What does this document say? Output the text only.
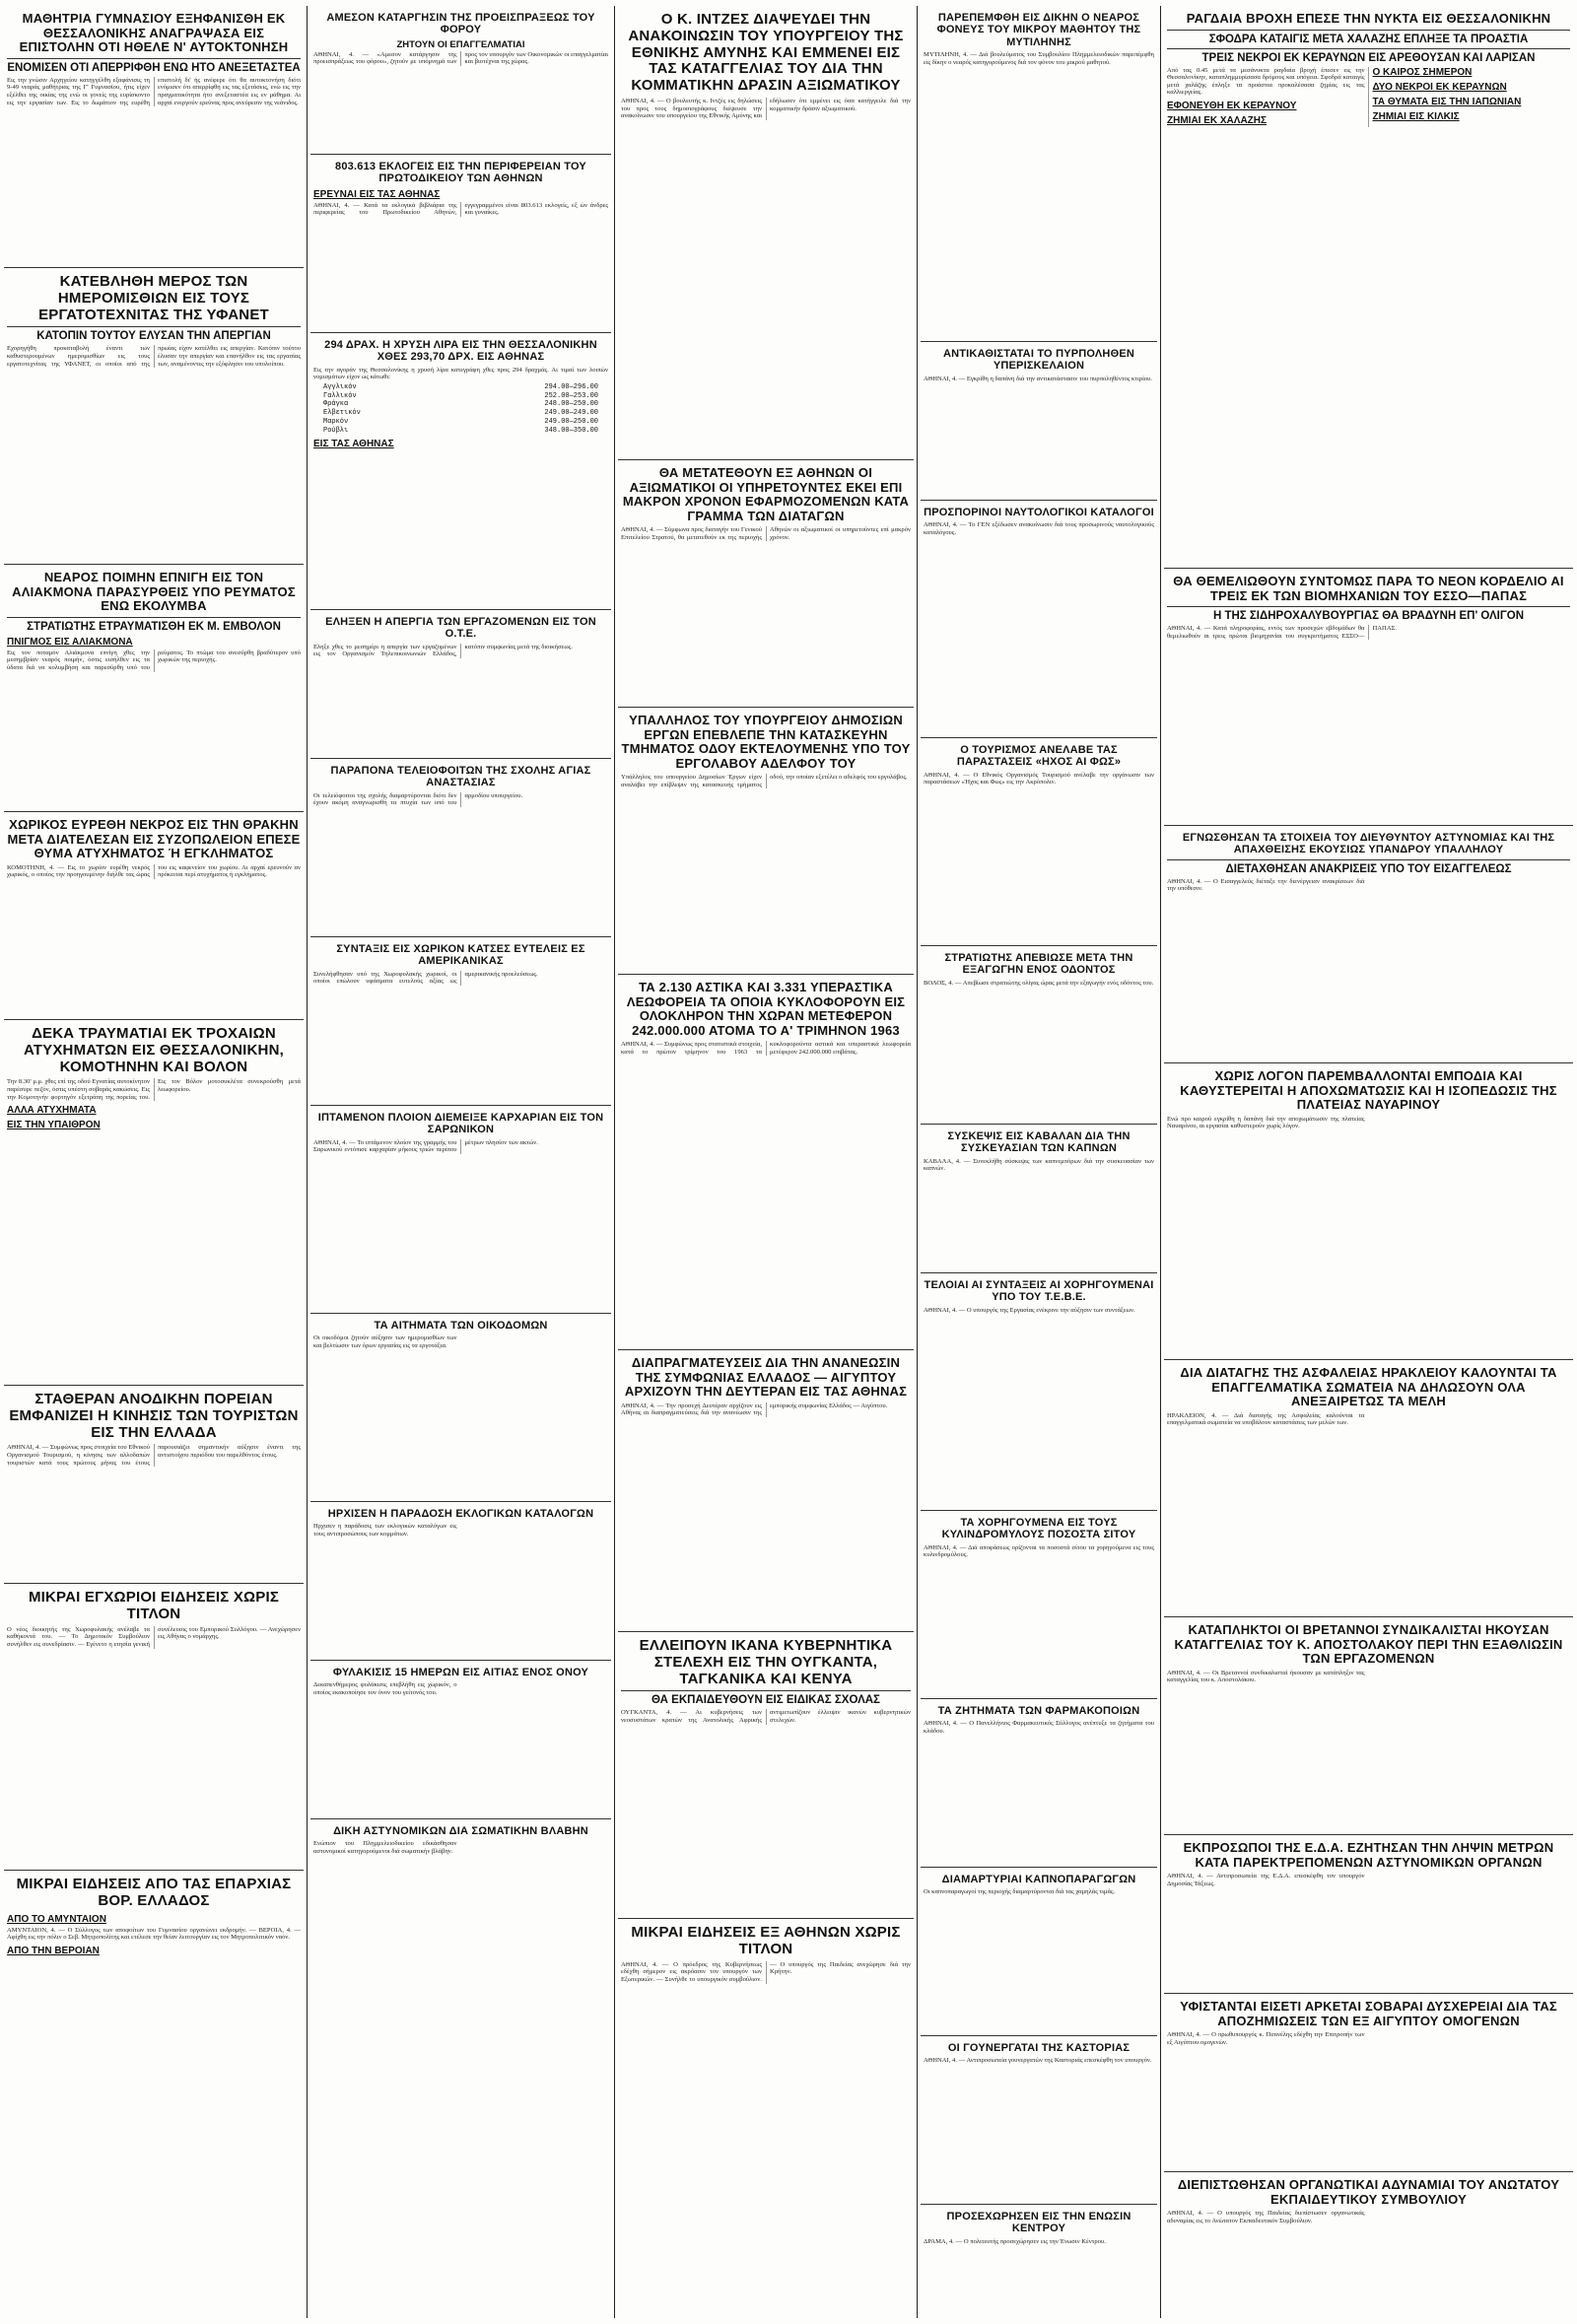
ΜΑΘΗΤΡΙΑ ΓΥΜΝΑΣΙΟΥ ΕΞΗΦΑΝΙΣΘΗ ΕΚ ΘΕΣΣΑΛΟΝΙΚΗΣ ΑΝΑΓΡΑΨΑΣΑ ΕΙΣ ΕΠΙΣΤΟΛΗΝ ΟΤΙ ΗΘΕΛΕ Ν' ΑΥΤΟΚΤΟΝΗΣΗ
ΕΝΟΜΙΣΕΝ ΟΤΙ ΑΠΕΡΡΙΦΘΗ ΕΝΩ ΗΤΟ ΑΝΕΞΕΤΑΣΤΕΑ
Εις την γνώσιν Αρχηγείου κατηγγέλθη εξαφάνισις τη 9-49 νεαράς μαθήτριας της Γ' Γυμνασίου, ήτις είχεν εξέλθει της οικίας της ενώ οι γονείς της ευρίσκοντο εις την εργασίαν των. Εις το δωμάτιον της ευρέθη επιστολή δι' ής ανέφερε ότι θα αυτοκτονήση διότι ενόμισεν ότι απερρίφθη εις τας εξετάσεις, ενώ εις την πραγματικότητα ήτο ανεξεταστέα εις εν μάθημα. Αι αρχαί ενεργούν ερεύνας προς ανεύρεσιν της νεάνιδος.
ΚΑΤΕΒΛΗΘΗ ΜΕΡΟΣ ΤΩΝ ΗΜΕΡΟΜΙΣΘΙΩΝ ΕΙΣ ΤΟΥΣ ΕΡΓΑΤΟΤΕΧΝΙΤΑΣ ΤΗΣ ΥΦΑΝΕΤ
ΚΑΤΟΠΙΝ ΤΟΥΤΟΥ ΕΛΥΣΑΝ ΤΗΝ ΑΠΕΡΓΙΑΝ
Εχορηγήθη προκαταβολή έναντι των καθυστερουμένων ημερομισθίων εις τους εργατοτεχνίτας της ΥΦΑΝΕΤ, οι οποίοι από της πρωίας είχον κατέλθει εις απεργίαν. Κατόπιν τούτου έλυσαν την απεργίαν και επανήλθον εις τας εργασίας των, αναμένοντες την εξόφλησιν του υπολοίπου.
ΝΕΑΡΟΣ ΠΟΙΜΗΝ ΕΠΝΙΓΗ ΕΙΣ ΤΟΝ ΑΛΙΑΚΜΟΝΑ ΠΑΡΑΣΥΡΘΕΙΣ ΥΠΟ ΡΕΥΜΑΤΟΣ ΕΝΩ ΕΚΟΛΥΜΒΑ
ΣΤΡΑΤΙΩΤΗΣ ΕΤΡΑΥΜΑΤΙΣΘΗ ΕΚ Μ. ΕΜΒΟΛΟΝ
ΠΝΙΓΜΟΣ ΕΙΣ ΑΛΙΑΚΜΟΝΑ
Εις τον ποταμόν Αλιάκμονα επνίγη χθες την μεσημβρίαν νεαρός ποιμήν, όστις εισήλθεν εις τα ύδατα διά να κολυμβήση και παρεσύρθη υπό του ρεύματος. Το πτώμα του ανεσύρθη βραδύτερον υπό χωρικών της περιοχής.
ΧΩΡΙΚΟΣ ΕΥΡΕΘΗ ΝΕΚΡΟΣ ΕΙΣ ΤΗΝ ΘΡΑΚΗΝ ΜΕΤΑ ΔΙΑΤΕΛΕΣΑΝ ΕΙΣ ΣΥΖΟΠΩΛΕΙΟΝ ΕΠΕΣΕ ΘΥΜΑ ΑΤΥΧΗΜΑΤΟΣ Ή ΕΓΚΛΗΜΑΤΟΣ
ΚΟΜΟΤΗΝΗ, 4. — Εις το χωρίον ευρέθη νεκρός χωρικός, ο οποίος την προηγουμένην διήλθε τας ώρας του εις καφενείον του χωρίου. Αι αρχαί ερευνούν αν πρόκειται περί ατυχήματος ή εγκλήματος.
ΔΕΚΑ ΤΡΑΥΜΑΤΙΑΙ ΕΚ ΤΡΟΧΑΙΩΝ ΑΤΥΧΗΜΑΤΩΝ ΕΙΣ ΘΕΣΣΑΛΟΝΙΚΗΝ, ΚΟΜΟΤΗΝΗΝ ΚΑΙ ΒΟΛΟΝ
Την 8.30' μ.μ. χθες επί της οδού Εγνατίας αυτοκίνητον παρέσυρε πεζόν, όστις υπέστη σοβαράς κακώσεις. Εις την Κομοτηνήν φορτηγόν εξετράπη της πορείας του. Εις τον Βόλον μοτοσυκλέτα συνεκρούσθη μετά λεωφορείου.
ΑΛΛΑ ΑΤΥΧΗΜΑΤΑ
ΕΙΣ ΤΗΝ ΥΠΑΙΘΡΟΝ
ΣΤΑΘΕΡΑΝ ΑΝΟΔΙΚΗΝ ΠΟΡΕΙΑΝ ΕΜΦΑΝΙΖΕΙ Η ΚΙΝΗΣΙΣ ΤΩΝ ΤΟΥΡΙΣΤΩΝ ΕΙΣ ΤΗΝ ΕΛΛΑΔΑ
ΑΘΗΝΑΙ, 4. — Συμφώνως προς στοιχεία του Εθνικού Οργανισμού Τουρισμού, η κίνησις των αλλοδαπών τουριστών κατά τους πρώτους μήνας του έτους παρουσιάζει σημαντικήν αύξησιν έναντι της αντιστοίχου περιόδου του παρελθόντος έτους.
ΜΙΚΡΑΙ ΕΓΧΩΡΙΟΙ ΕΙΔΗΣΕΙΣ ΧΩΡΙΣ ΤΙΤΛΟΝ
Ο νέος διοικητής της Χωροφυλακής ανέλαβε τα καθήκοντά του. — Το Δημοτικόν Συμβούλιον συνήλθεν εις συνεδρίασιν. — Εγένετο η ετησία γενική συνέλευσις του Εμπορικού Συλλόγου. — Ανεχώρησεν εις Αθήνας ο νομάρχης.
ΜΙΚΡΑΙ ΕΙΔΗΣΕΙΣ ΑΠΟ ΤΑΣ ΕΠΑΡΧΙΑΣ ΒΟΡ. ΕΛΛΑΔΟΣ
ΑΠΟ ΤΟ ΑΜΥΝΤΑΙΟΝ
ΑΜΥΝΤΑΙΟΝ, 4. — Ο Σύλλογος των αποφοίτων του Γυμνασίου οργανώνει εκδρομήν. — ΒΕΡΟΙΑ, 4. — Αφίχθη εις την πόλιν ο Σεβ. Μητροπολίτης και ετέλεσε την θείαν λειτουργίαν εις τον Μητροπολιτικόν ναόν.
ΑΠΟ ΤΗΝ ΒΕΡΟΙΑΝ
ΑΜΕΣΟΝ ΚΑΤΑΡΓΗΣΙΝ ΤΗΣ ΠΡΟΕΙΣΠΡΑΞΕΩΣ ΤΟΥ ΦΟΡΟΥ
ΖΗΤΟΥΝ ΟΙ ΕΠΑΓΓΕΛΜΑΤΙΑΙ
ΑΘΗΝΑΙ, 4. — «Αμεσον κατάργησιν της προεισπράξεως του φόρου», ζητούν με υπόμνημά των προς τον υπουργόν των Οικονομικών οι επαγγελματίαι και βιοτέχναι της χώρας.
803.613 ΕΚΛΟΓΕΙΣ ΕΙΣ ΤΗΝ ΠΕΡΙΦΕΡΕΙΑΝ ΤΟΥ ΠΡΩΤΟΔΙΚΕΙΟΥ ΤΩΝ ΑΘΗΝΩΝ
ΕΡΕΥΝΑΙ ΕΙΣ ΤΑΣ ΑΘΗΝΑΣ
ΑΘΗΝΑΙ, 4. — Κατά τα εκλογικά βιβλιάρια της περιφερείας του Πρωτοδικείου Αθηνών, εγγεγραμμένοι είναι 803.613 εκλογείς, εξ ών άνδρες και γυναίκες.
294 ΔΡΑΧ. Η ΧΡΥΣΗ ΛΙΡΑ ΕΙΣ ΤΗΝ ΘΕΣΣΑΛΟΝΙΚΗΝ ΧΘΕΣ 293,70 ΔΡΧ. ΕΙΣ ΑΘΗΝΑΣ
Εις την αγοράν της Θεσσαλονίκης η χρυσή λίρα κατεγράφη χθες προς 294 δραχμάς. Αι τιμαί των λοιπών νομισμάτων είχον ως κάτωθι:
Αγγλικόν	294.00—296.00
Γαλλικόν	252.00—253.00
Φράγκα	248.00—250.00
Ελβετικόν	249.00—249.00
Μαρκόν	249.00—250.00
Ρούβλι	348.00—350.00
ΕΙΣ ΤΑΣ ΑΘΗΝΑΣ
ΕΛΗΞΕΝ Η ΑΠΕΡΓΙΑ ΤΩΝ ΕΡΓΑΖΟΜΕΝΩΝ ΕΙΣ ΤΟΝ Ο.Τ.Ε.
Εληξε χθες το μεσημέρι η απεργία των εργαζομένων εις τον Οργανισμόν Τηλεπικοινωνιών Ελλάδος, κατόπιν συμφωνίας μετά της διοικήσεως.
ΠΑΡΑΠΟΝΑ ΤΕΛΕΙΟΦΟΙΤΩΝ ΤΗΣ ΣΧΟΛΗΣ ΑΓΙΑΣ ΑΝΑΣΤΑΣΙΑΣ
Οι τελειόφοιτοι της σχολής διαμαρτύρονται διότι δεν έχουν ακόμη αναγνωρισθή τα πτυχία των υπό του αρμοδίου υπουργείου.
ΣΥΝΤΑΞΙΣ ΕΙΣ ΧΩΡΙΚΟΝ ΚΑΤΣΕΣ ΕΥΤΕΛΕΙΣ ΕΣ ΑΜΕΡΙΚΑΝΙΚΑΣ
Συνελήφθησαν υπό της Χωροφυλακής χωρικοί, οι οποίοι επώλουν υφάσματα ευτελούς αξίας ως αμερικανικής προελεύσεως.
ΙΠΤΑΜΕΝΟΝ ΠΛΟΙΟΝ ΔΙΕΜΕΙΞΕ ΚΑΡΧΑΡΙΑΝ ΕΙΣ ΤΟΝ ΣΑΡΩΝΙΚΟΝ
ΑΘΗΝΑΙ, 4. — Το ιπτάμενον πλοίον της γραμμής του Σαρωνικού εντόπισε καρχαρίαν μήκους τριών περίπου μέτρων πλησίον των ακτών.
ΤΑ ΑΙΤΗΜΑΤΑ ΤΩΝ ΟΙΚΟΔΟΜΩΝ
Οι οικοδόμοι ζητούν αύξησιν των ημερομισθίων των και βελτίωσιν των όρων εργασίας εις τα εργοτάξια.
ΗΡΧΙΣΕΝ Η ΠΑΡΑΔΟΣΗ ΕΚΛΟΓΙΚΩΝ ΚΑΤΑΛΟΓΩΝ
Ηρχισεν η παράδοσις των εκλογικών καταλόγων εις τους αντιπροσώπους των κομμάτων.
ΦΥΛΑΚΙΣΙΣ 15 ΗΜΕΡΩΝ ΕΙΣ ΑΙΤΙΑΣ ΕΝΟΣ ΟΝΟΥ
Δεκαπενθήμερος φυλάκισις επεβλήθη εις χωρικόν, ο οποίος εκακοποίησε τον όνον του γείτονός του.
ΔΙΚΗ ΑΣΤΥΝΟΜΙΚΩΝ ΔΙΑ ΣΩΜΑΤΙΚΗΝ ΒΛΑΒΗΝ
Ενώπιον του Πλημμελειοδικείου εδικάσθησαν αστυνομικοί κατηγορούμενοι διά σωματικήν βλάβην.
Ο Κ. ΙΝΤΖΕΣ ΔΙΑΨΕΥΔΕΙ ΤΗΝ ΑΝΑΚΟΙΝΩΣΙΝ ΤΟΥ ΥΠΟΥΡΓΕΙΟΥ ΤΗΣ ΕΘΝΙΚΗΣ ΑΜΥΝΗΣ ΚΑΙ ΕΜΜΕΝΕΙ ΕΙΣ ΤΑΣ ΚΑΤΑΓΓΕΛΙΑΣ ΤΟΥ ΔΙΑ ΤΗΝ ΚΟΜΜΑΤΙΚΗΝ ΔΡΑΣΙΝ ΑΞΙΩΜΑΤΙΚΟΥ
ΑΘΗΝΑΙ, 4. — Ο βουλευτής κ. Ιντζές εις δηλώσεις του προς τους δημοσιογράφους διέψευσε την ανακοίνωσιν του υπουργείου της Εθνικής Αμύνης και εδήλωσεν ότι εμμένει εις όσα κατήγγειλε διά την κομματικήν δράσιν αξιωματικού.
ΘΑ ΜΕΤΑΤΕΘΟΥΝ ΕΞ ΑΘΗΝΩΝ ΟΙ ΑΞΙΩΜΑΤΙΚΟΙ ΟΙ ΥΠΗΡΕΤΟΥΝΤΕΣ ΕΚΕΙ ΕΠΙ ΜΑΚΡΟΝ ΧΡΟΝΟΝ ΕΦΑΡΜΟΖΟΜΕΝΩΝ ΚΑΤΑ ΓΡΑΜΜΑ ΤΩΝ ΔΙΑΤΑΓΩΝ
ΑΘΗΝΑΙ, 4. — Σύμφωνα προς διαταγήν του Γενικού Επιτελείου Στρατού, θα μετατεθούν εκ της περιοχής Αθηνών οι αξιωματικοί οι υπηρετούντες επί μακρόν χρόνον.
ΥΠΑΛΛΗΛΟΣ ΤΟΥ ΥΠΟΥΡΓΕΙΟΥ ΔΗΜΟΣΙΩΝ ΕΡΓΩΝ ΕΠΕΒΛΕΠΕ ΤΗΝ ΚΑΤΑΣΚΕΥΗΝ ΤΜΗΜΑΤΟΣ ΟΔΟΥ ΕΚΤΕΛΟΥΜΕΝΗΣ ΥΠΟ ΤΟΥ ΕΡΓΟΛΑΒΟΥ ΑΔΕΛΦΟΥ ΤΟΥ
Υπάλληλος του υπουργείου Δημοσίων Έργων είχεν αναλάβει την επίβλεψιν της κατασκευής τμήματος οδού, την οποίαν εξετέλει ο αδελφός του εργολάβος.
ΤΑ 2.130 ΑΣΤΙΚΑ ΚΑΙ 3.331 ΥΠΕΡΑΣΤΙΚΑ ΛΕΩΦΟΡΕΙΑ ΤΑ ΟΠΟΙΑ ΚΥΚΛΟΦΟΡΟΥΝ ΕΙΣ ΟΛΟΚΛΗΡΟΝ ΤΗΝ ΧΩΡΑΝ ΜΕΤΕΦΕΡΟΝ 242.000.000 ΑΤΟΜΑ ΤΟ Α' ΤΡΙΜΗΝΟΝ 1963
ΑΘΗΝΑΙ, 4. — Συμφώνως προς στατιστικά στοιχεία, κατά το πρώτον τρίμηνον του 1963 τα κυκλοφορούντα αστικά και υπεραστικά λεωφορεία μετέφερον 242.000.000 επιβάτας.
ΔΙΑΠΡΑΓΜΑΤΕΥΣΕΙΣ ΔΙΑ ΤΗΝ ΑΝΑΝΕΩΣΙΝ ΤΗΣ ΣΥΜΦΩΝΙΑΣ ΕΛΛΑΔΟΣ — ΑΙΓΥΠΤΟΥ ΑΡΧΙΖΟΥΝ ΤΗΝ ΔΕΥΤΕΡΑΝ ΕΙΣ ΤΑΣ ΑΘΗΝΑΣ
ΑΘΗΝΑΙ, 4. — Την προσεχή Δευτέραν αρχίζουν εις Αθήνας αι διαπραγματεύσεις διά την ανανέωσιν της εμπορικής συμφωνίας Ελλάδος — Αιγύπτου.
ΕΛΛΕΙΠΟΥΝ ΙΚΑΝΑ ΚΥΒΕΡΝΗΤΙΚΑ ΣΤΕΛΕΧΗ ΕΙΣ ΤΗΝ ΟΥΓΚΑΝΤΑ, ΤΑΓΚΑΝΙΚΑ ΚΑΙ ΚΕΝΥΑ
ΘΑ ΕΚΠΑΙΔΕΥΘΟΥΝ ΕΙΣ ΕΙΔΙΚΑΣ ΣΧΟΛΑΣ
ΟΥΓΚΑΝΤΑ, 4. — Αι κυβερνήσεις των νεοσυστάτων κρατών της Ανατολικής Αφρικής αντιμετωπίζουν έλλειψιν ικανών κυβερνητικών στελεχών.
ΜΙΚΡΑΙ ΕΙΔΗΣΕΙΣ ΕΞ ΑΘΗΝΩΝ ΧΩΡΙΣ ΤΙΤΛΟΝ
ΑΘΗΝΑΙ, 4. — Ο πρόεδρος της Κυβερνήσεως εδέχθη σήμερον εις ακρόασιν τον υπουργόν των Εξωτερικών. — Συνήλθε το υπουργικόν συμβούλιον. — Ο υπουργός της Παιδείας ανεχώρησε διά την Κρήτην.
ΠΑΡΕΠΕΜΦΘΗ ΕΙΣ ΔΙΚΗΝ Ο ΝΕΑΡΟΣ ΦΟΝΕΥΣ ΤΟΥ ΜΙΚΡΟΥ ΜΑΘΗΤΟΥ ΤΗΣ ΜΥΤΙΛΗΝΗΣ
ΜΥΤΙΛΗΝΗ, 4. — Διά βουλεύματος του Συμβουλίου Πλημμελειοδικών παρεπέμφθη εις δίκην ο νεαρός κατηγορούμενος διά τον φόνον του μικρού μαθητού.
ΑΝΤΙΚΑΘΙΣΤΑΤΑΙ ΤΟ ΠΥΡΠΟΛΗΘΕΝ ΥΠΕΡΙΣΚΕΛΑΙΟΝ
ΑΘΗΝΑΙ, 4. — Εγκρίθη η δαπάνη διά την αντικατάστασιν του πυρποληθέντος κτιρίου.
ΠΡΟΣΠΟΡΙΝΟΙ ΝΑΥΤΟΛΟΓΙΚΟΙ ΚΑΤΑΛΟΓΟΙ
ΑΘΗΝΑΙ, 4. — Το ΓΕΝ εξέδωσεν ανακοίνωσιν διά τους προσωρινούς ναυτολογικούς καταλόγους.
Ο ΤΟΥΡΙΣΜΟΣ ΑΝΕΛΑΒΕ ΤΑΣ ΠΑΡΑΣΤΑΣΕΙΣ «ΗΧΟΣ ΑΙ ΦΩΣ»
ΑΘΗΝΑΙ, 4. — Ο Εθνικός Οργανισμός Τουρισμού ανέλαβε την οργάνωσιν των παραστάσεων «Ήχος και Φως» εις την Ακρόπολιν.
ΣΤΡΑΤΙΩΤΗΣ ΑΠΕΒΙΩΣΕ ΜΕΤΑ ΤΗΝ ΕΞΑΓΩΓΗΝ ΕΝΟΣ ΟΔΟΝΤΟΣ
ΒΟΛΟΣ, 4. — Απεβίωσε στρατιώτης ολίγας ώρας μετά την εξαγωγήν ενός οδόντος του.
ΣΥΣΚΕΨΙΣ ΕΙΣ ΚΑΒΑΛΑΝ ΔΙΑ ΤΗΝ ΣΥΣΚΕΥΑΣΙΑΝ ΤΩΝ ΚΑΠΝΩΝ
ΚΑΒΑΛΑ, 4. — Συνεκλήθη σύσκεψις των καπνεμπόρων διά την συσκευασίαν των καπνών.
ΤΕΛΟΙΑΙ ΑΙ ΣΥΝΤΑΞΕΙΣ ΑΙ ΧΟΡΗΓΟΥΜΕΝΑΙ ΥΠΟ ΤΟΥ Τ.Ε.Β.Ε.
ΑΘΗΝΑΙ, 4. — Ο υπουργός της Εργασίας ενέκρινε την αύξησιν των συντάξεων.
ΤΑ ΧΟΡΗΓΟΥΜΕΝΑ ΕΙΣ ΤΟΥΣ ΚΥΛΙΝΔΡΟΜΥΛΟΥΣ ΠΟΣΟΣΤΑ ΣΙΤΟΥ
ΑΘΗΝΑΙ, 4. — Διά αποφάσεως ορίζονται τα ποσοστά σίτου τα χορηγούμενα εις τους κυλινδρομύλους.
ΤΑ ΖΗΤΗΜΑΤΑ ΤΩΝ ΦΑΡΜΑΚΟΠΟΙΩΝ
ΑΘΗΝΑΙ, 4. — Ο Πανελλήνιος Φαρμακευτικός Σύλλογος ανέπτυξε τα ζητήματα του κλάδου.
ΔΙΑΜΑΡΤΥΡΙΑΙ ΚΑΠΝΟΠΑΡΑΓΩΓΩΝ
Οι καπνοπαραγωγοί της περιοχής διαμαρτύρονται διά τας χαμηλάς τιμάς.
ΟΙ ΓΟΥΝΕΡΓΑΤΑΙ ΤΗΣ ΚΑΣΤΟΡΙΑΣ
ΑΘΗΝΑΙ, 4. — Αντιπροσωπεία γουνεργατών της Καστοριάς επεσκέφθη τον υπουργόν.
ΠΡΟΣΕΧΩΡΗΣΕΝ ΕΙΣ ΤΗΝ ΕΝΩΣΙΝ ΚΕΝΤΡΟΥ
ΔΡΑΜΑ, 4. — Ο πολιτευτής προσεχώρησεν εις την Ένωσιν Κέντρου.
ΡΑΓΔΑΙΑ ΒΡΟΧΗ ΕΠΕΣΕ ΤΗΝ ΝΥΚΤΑ ΕΙΣ ΘΕΣΣΑΛΟΝΙΚΗΝ
ΣΦΟΔΡΑ ΚΑΤΑΙΓΙΣ ΜΕΤΑ ΧΑΛΑΖΗΣ ΕΠΛΗΞΕ ΤΑ ΠΡΟΑΣΤΙΑ
ΤΡΕΙΣ ΝΕΚΡΟΙ ΕΚ ΚΕΡΑΥΝΩΝ ΕΙΣ ΑΡΕΘΟΥΣΑΝ ΚΑΙ ΛΑΡΙΣΑΝ
Από τας 0.45 μετά τα μεσάνυκτα ραγδαία βροχή έπεσεν εις την Θεσσαλονίκην, καταπλημμυρίσασα δρόμους και υπόγεια. Σφοδρά καταιγίς μετά χαλάζης έπληξε τα προάστια προκαλέσασα ζημίας εις τας καλλιεργείας.
ΕΦΟΝΕΥΘΗ ΕΚ ΚΕΡΑΥΝΟΥ
ΖΗΜΙΑΙ ΕΚ ΧΑΛΑΖΗΣ
Ο ΚΑΙΡΟΣ ΣΗΜΕΡΟΝ
ΔΥΟ ΝΕΚΡΟΙ ΕΚ ΚΕΡΑΥΝΩΝ
ΤΑ ΘΥΜΑΤΑ ΕΙΣ ΤΗΝ ΙΑΠΩΝΙΑΝ
ΖΗΜΙΑΙ ΕΙΣ ΚΙΛΚΙΣ
ΘΑ ΘΕΜΕΛΙΩΘΟΥΝ ΣΥΝΤΟΜΩΣ ΠΑΡΑ ΤΟ ΝΕΟΝ ΚΟΡΔΕΛΙΟ ΑΙ ΤΡΕΙΣ ΕΚ ΤΩΝ ΒΙΟΜΗΧΑΝΙΩΝ ΤΟΥ ΕΣΣΟ—ΠΑΠΑΣ
Η ΤΗΣ ΣΙΔΗΡΟΧΑΛΥΒΟΥΡΓΙΑΣ ΘΑ ΒΡΑΔΥΝΗ ΕΠ' ΟΛΙΓΟΝ
ΑΘΗΝΑΙ, 4. — Κατά πληροφορίας, εντός των προσεχών εβδομάδων θα θεμελιωθούν αι τρεις πρώται βιομηχανίαι του συγκροτήματος ΕΣΣΟ—ΠΑΠΑΣ.
ΕΓΝΩΣΘΗΣΑΝ ΤΑ ΣΤΟΙΧΕΙΑ ΤΟΥ ΔΙΕΥΘΥΝΤΟΥ ΑΣΤΥΝΟΜΙΑΣ ΚΑΙ ΤΗΣ ΑΠΑΧΘΕΙΣΗΣ ΕΚΟΥΣΙΩΣ ΥΠΑΝΔΡΟΥ ΥΠΑΛΛΗΛΟΥ
ΔΙΕΤΑΧΘΗΣΑΝ ΑΝΑΚΡΙΣΕΙΣ ΥΠΟ ΤΟΥ ΕΙΣΑΓΓΕΛΕΩΣ
ΑΘΗΝΑΙ, 4. — Ο Εισαγγελεύς διέταξε την διενέργειαν ανακρίσεων διά την υπόθεσιν.
ΧΩΡΙΣ ΛΟΓΟΝ ΠΑΡΕΜΒΑΛΛΟΝΤΑΙ ΕΜΠΟΔΙΑ ΚΑΙ ΚΑΘΥΣΤΕΡΕΙΤΑΙ Η ΑΠΟΧΩΜΑΤΩΣΙΣ ΚΑΙ Η ΙΣΟΠΕΔΩΣΙΣ ΤΗΣ ΠΛΑΤΕΙΑΣ ΝΑΥΑΡΙΝΟΥ
Ενώ προ καιρού εγκρίθη η δαπάνη διά την αποχωμάτωσιν της πλατείας Ναυαρίνου, αι εργασίαι καθυστερούν χωρίς λόγον.
ΔΙΑ ΔΙΑΤΑΓΗΣ ΤΗΣ ΑΣΦΑΛΕΙΑΣ ΗΡΑΚΛΕΙΟΥ ΚΑΛΟΥΝΤΑΙ ΤΑ ΕΠΑΓΓΕΛΜΑΤΙΚΑ ΣΩΜΑΤΕΙΑ ΝΑ ΔΗΛΩΣΟΥΝ ΟΛΑ ΑΝΕΞΑΙΡΕΤΩΣ ΤΑ ΜΕΛΗ
ΗΡΑΚΛΕΙΟΝ, 4. — Διά διαταγής της Ασφαλείας καλούνται τα επαγγελματικά σωματεία να υποβάλουν καταστάσεις των μελών των.
ΚΑΤΑΠΛΗΚΤΟΙ ΟΙ ΒΡΕΤΑΝΝΟΙ ΣΥΝΔΙΚΑΛΙΣΤΑΙ ΗΚΟΥΣΑΝ ΚΑΤΑΓΓΕΛΙΑΣ ΤΟΥ Κ. ΑΠΟΣΤΟΛΑΚΟΥ ΠΕΡΙ ΤΗΝ ΕΞΑΘΛΙΩΣΙΝ ΤΩΝ ΕΡΓΑΖΟΜΕΝΩΝ
ΑΘΗΝΑΙ, 4. — Οι Βρεταννοί συνδικαλισταί ήκουσαν με κατάπληξιν τας καταγγελίας του κ. Αποστολάκου.
ΕΚΠΡΟΣΩΠΟΙ ΤΗΣ Ε.Δ.Α. ΕΖΗΤΗΣΑΝ ΤΗΝ ΛΗΨΙΝ ΜΕΤΡΩΝ ΚΑΤΑ ΠΑΡΕΚΤΡΕΠΟΜΕΝΩΝ ΑΣΤΥΝΟΜΙΚΩΝ ΟΡΓΑΝΩΝ
ΑΘΗΝΑΙ, 4. — Αντιπροσωπεία της Ε.Δ.Α. επεσκέφθη τον υπουργόν Δημοσίας Τάξεως.
ΥΦΙΣΤΑΝΤΑΙ ΕΙΣΕΤΙ ΑΡΚΕΤΑΙ ΣΟΒΑΡΑΙ ΔΥΣΧΕΡΕΙΑΙ ΔΙΑ ΤΑΣ ΑΠΟΖΗΜΙΩΣΕΙΣ ΤΩΝ ΕΞ ΑΙΓΥΠΤΟΥ ΟΜΟΓΕΝΩΝ
ΑΘΗΝΑΙ, 4. — Ο πρωθυπουργός κ. Πιπινέλης εδέχθη την Επιτροπήν των εξ Αιγύπτου ομογενών.
ΔΙΕΠΙΣΤΩΘΗΣΑΝ ΟΡΓΑΝΩΤΙΚΑΙ ΑΔΥΝΑΜΙΑΙ ΤΟΥ ΑΝΩΤΑΤΟΥ ΕΚΠΑΙΔΕΥΤΙΚΟΥ ΣΥΜΒΟΥΛΙΟΥ
ΑΘΗΝΑΙ, 4. — Ο υπουργός της Παιδείας διεπίστωσεν οργανωτικάς αδυναμίας εις το Ανώτατον Εκπαιδευτικόν Συμβούλιον.
